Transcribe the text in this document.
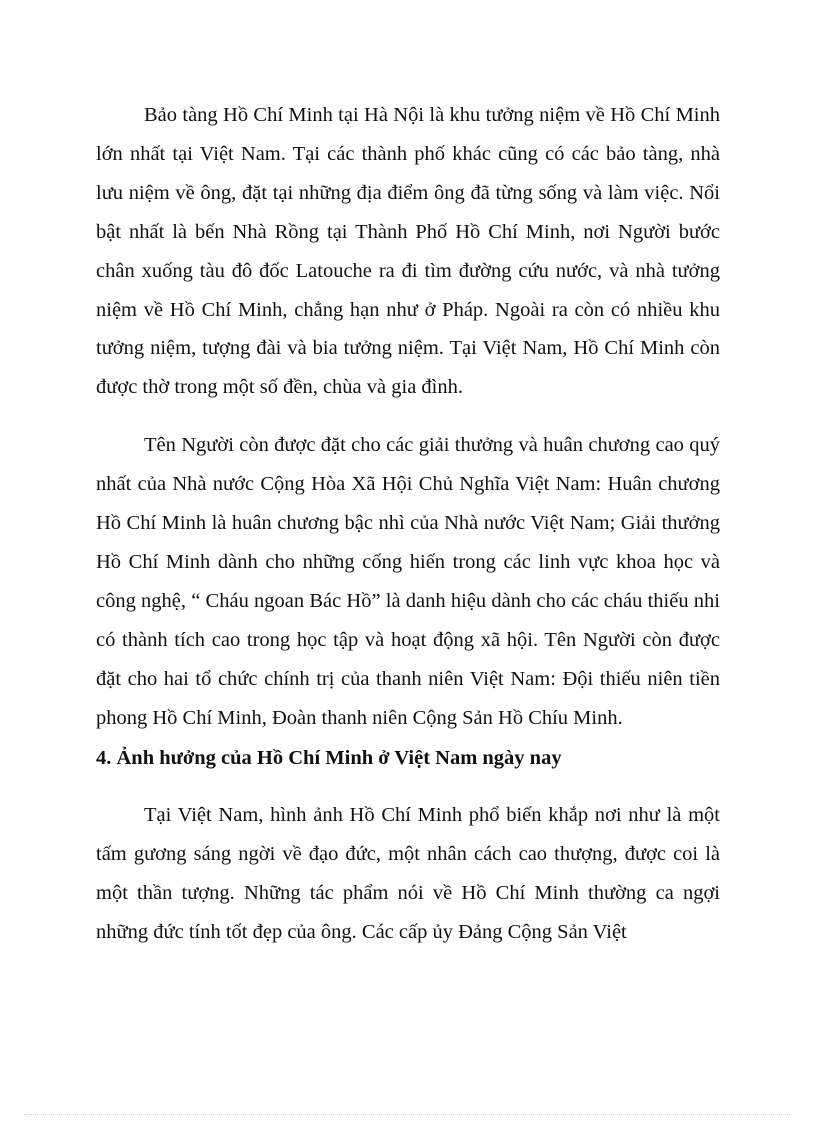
Bảo tàng Hồ Chí Minh tại Hà Nội là khu tưởng niệm về Hồ Chí Minh lớn nhất tại Việt Nam. Tại các thành phố khác cũng có các bảo tàng, nhà lưu niệm về ông, đặt tại những địa điểm ông đã từng sống và làm việc. Nổi bật nhất là bến Nhà Rồng tại Thành Phố Hồ Chí Minh, nơi Người bước chân xuống tàu đô đốc Latouche ra đi tìm đường cứu nước, và nhà tưởng niệm về Hồ Chí Minh, chẳng hạn như ở Pháp. Ngoài ra còn có nhiều khu tưởng niệm, tượng đài và bia tưởng niệm. Tại Việt Nam, Hồ Chí Minh còn được thờ trong một số đền, chùa và gia đình.

Tên Người còn được đặt cho các giải thưởng và huân chương cao quý nhất của Nhà nước Cộng Hòa Xã Hội Chủ Nghĩa Việt Nam: Huân chương Hồ Chí Minh là huân chương bậc nhì của Nhà nước Việt Nam; Giải thưởng Hồ Chí Minh dành cho những cống hiến trong các linh vực khoa học và công nghệ, “ Cháu ngoan Bác Hồ” là danh hiệu dành cho các cháu thiếu nhi có thành tích cao trong học tập và hoạt động xã hội. Tên Người còn được đặt cho hai tổ chức chính trị của thanh niên Việt Nam: Đội thiếu niên tiền phong Hồ Chí Minh, Đoàn thanh niên Cộng Sản Hồ Chíu Minh.

4. Ảnh hưởng của Hồ Chí Minh ở Việt Nam ngày nay

Tại Việt Nam, hình ảnh Hồ Chí Minh phổ biến khắp nơi như là một tấm gương sáng ngời về đạo đức, một nhân cách cao thượng, được coi là một thần tượng. Những tác phẩm nói về Hồ Chí Minh thường ca ngợi những đức tính tốt đẹp của ông. Các cấp ủy Đảng Cộng Sản Việt
